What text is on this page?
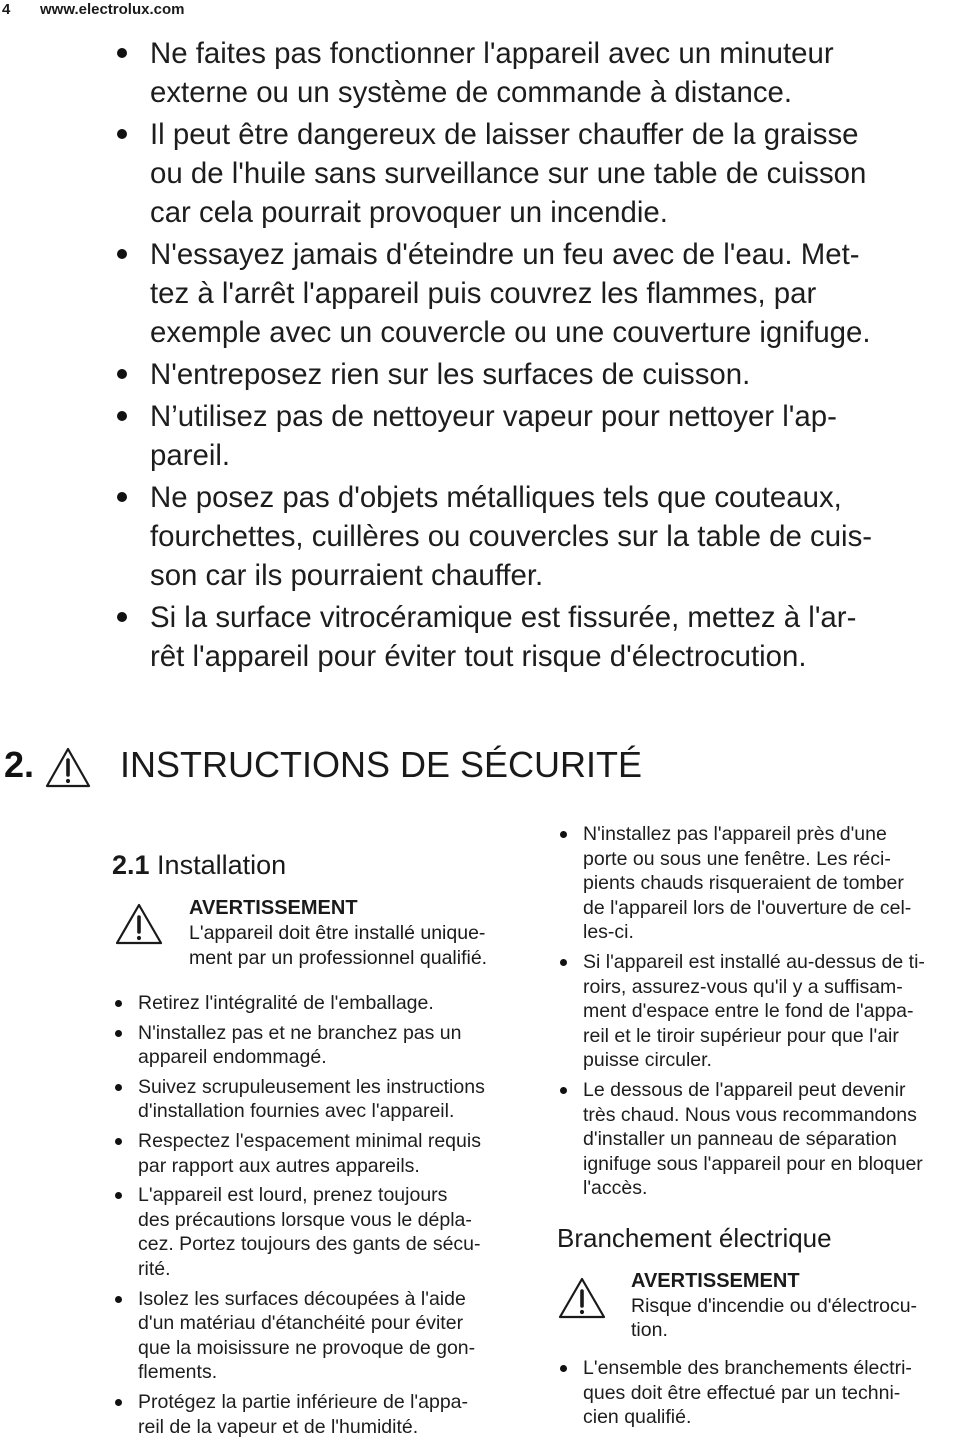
4 www.electrolux.com
Ne faites pas fonctionner l'appareil avec un minuteur
externe ou un système de commande à distance.
Il peut être dangereux de laisser chauffer de la graisse
ou de l'huile sans surveillance sur une table de cuisson
car cela pourrait provoquer un incendie.
N'essayez jamais d'éteindre un feu avec de l'eau. Met-
tez à l'arrêt l'appareil puis couvrez les flammes, par
exemple avec un couvercle ou une couverture ignifuge.
N'entreposez rien sur les surfaces de cuisson.
N’utilisez pas de nettoyeur vapeur pour nettoyer l'ap-
pareil.
Ne posez pas d'objets métalliques tels que couteaux,
fourchettes, cuillères ou couvercles sur la table de cuis-
son car ils pourraient chauffer.
Si la surface vitrocéramique est fissurée, mettez à l'ar-
rêt l'appareil pour éviter tout risque d'électrocution.
2. INSTRUCTIONS DE SÉCURITÉ
2.1 Installation
AVERTISSEMENT
L'appareil doit être installé unique-
ment par un professionnel qualifié.
Retirez l'intégralité de l'emballage.
N'installez pas et ne branchez pas un
appareil endommagé.
Suivez scrupuleusement les instructions
d'installation fournies avec l'appareil.
Respectez l'espacement minimal requis
par rapport aux autres appareils.
L'appareil est lourd, prenez toujours
des précautions lorsque vous le dépla-
cez. Portez toujours des gants de sécu-
rité.
Isolez les surfaces découpées à l'aide
d'un matériau d'étanchéité pour éviter
que la moisissure ne provoque de gon-
flements.
Protégez la partie inférieure de l'appa-
reil de la vapeur et de l'humidité.
N'installez pas l'appareil près d'une
porte ou sous une fenêtre. Les réci-
pients chauds risqueraient de tomber
de l'appareil lors de l'ouverture de cel-
les-ci.
Si l'appareil est installé au-dessus de ti-
roirs, assurez-vous qu'il y a suffisam-
ment d'espace entre le fond de l'appa-
reil et le tiroir supérieur pour que l'air
puisse circuler.
Le dessous de l'appareil peut devenir
très chaud. Nous vous recommandons
d'installer un panneau de séparation
ignifuge sous l'appareil pour en bloquer
l'accès.
Branchement électrique
AVERTISSEMENT
Risque d'incendie ou d'électrocu-
tion.
L'ensemble des branchements électri-
ques doit être effectué par un techni-
cien qualifié.
